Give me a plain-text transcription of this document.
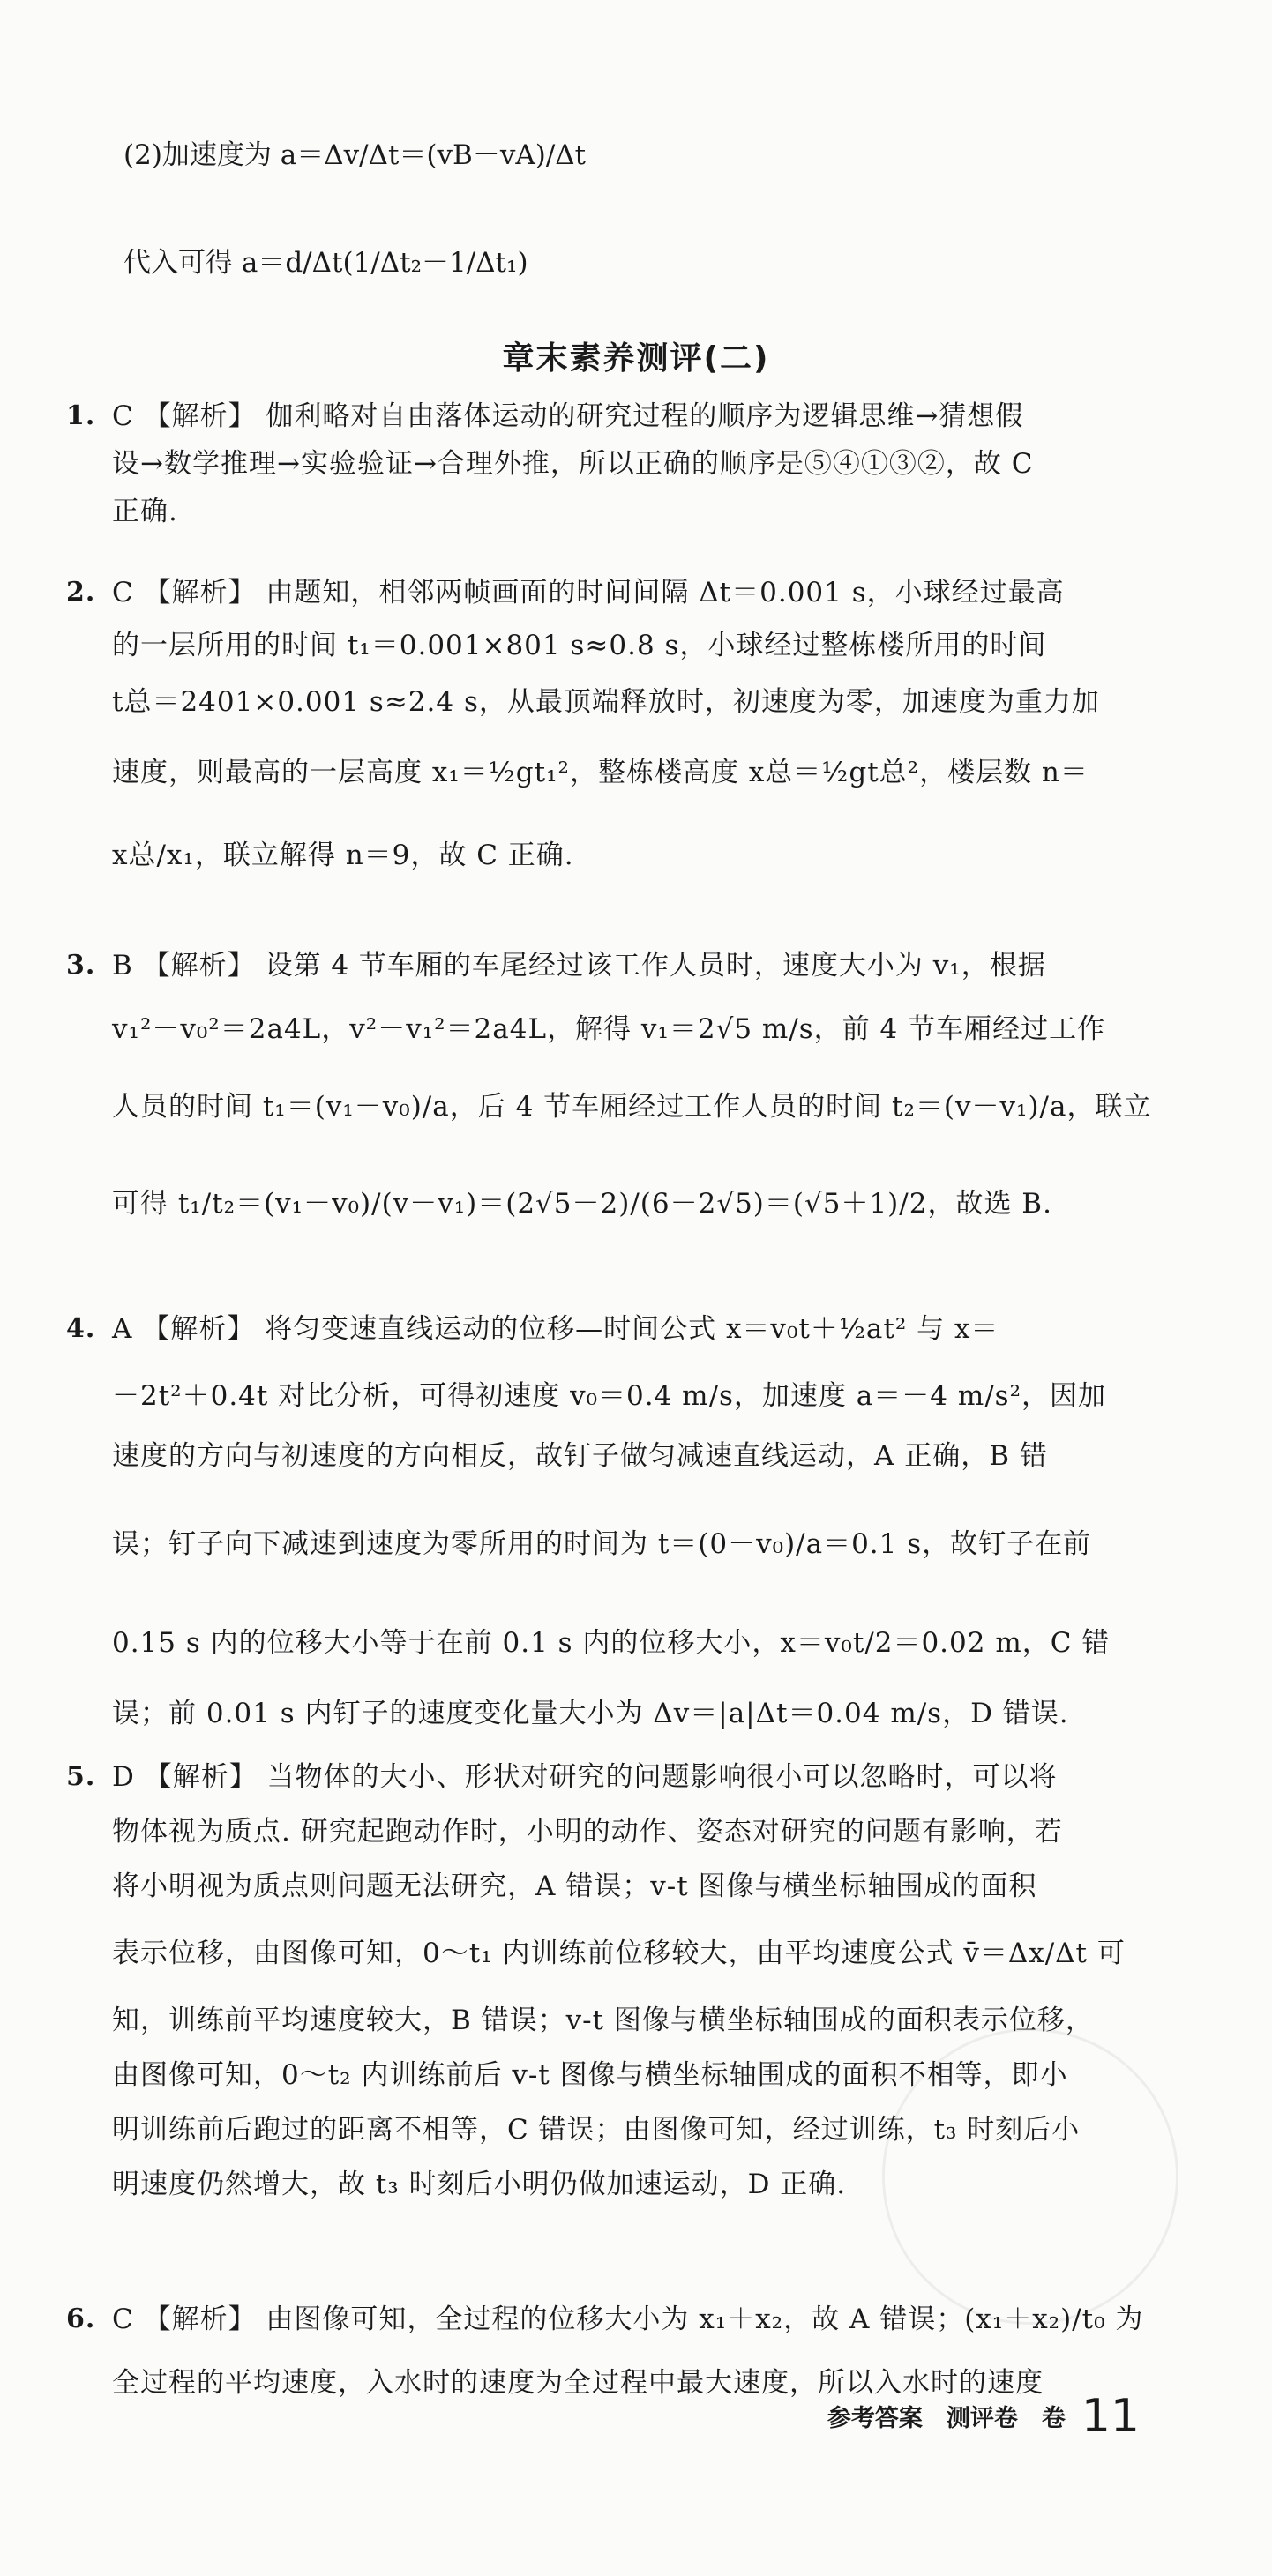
(2)加速度为 a＝Δv/Δt＝(vB－vA)/Δt
代入可得 a＝d/Δt(1/Δt₂－1/Δt₁)
章末素养测评(二)
1. C 【解析】 伽利略对自由落体运动的研究过程的顺序为逻辑思维→猜想假
设→数学推理→实验验证→合理外推，所以正确的顺序是⑤④①③②，故 C
正确.
2. C 【解析】 由题知，相邻两帧画面的时间间隔 Δt＝0.001 s，小球经过最高
的一层所用的时间 t₁＝0.001×801 s≈0.8 s，小球经过整栋楼所用的时间
t总＝2401×0.001 s≈2.4 s，从最顶端释放时，初速度为零，加速度为重力加
速度，则最高的一层高度 x₁＝½gt₁²，整栋楼高度 x总＝½gt总²，楼层数 n＝
x总/x₁，联立解得 n＝9，故 C 正确.
3. B 【解析】 设第 4 节车厢的车尾经过该工作人员时，速度大小为 v₁，根据
v₁²－v₀²＝2a4L，v²－v₁²＝2a4L，解得 v₁＝2√5 m/s，前 4 节车厢经过工作
人员的时间 t₁＝(v₁－v₀)/a，后 4 节车厢经过工作人员的时间 t₂＝(v－v₁)/a，联立
可得 t₁/t₂＝(v₁－v₀)/(v－v₁)＝(2√5－2)/(6－2√5)＝(√5＋1)/2，故选 B.
4. A 【解析】 将匀变速直线运动的位移—时间公式 x＝v₀t＋½at² 与 x＝
－2t²＋0.4t 对比分析，可得初速度 v₀＝0.4 m/s，加速度 a＝－4 m/s²，因加
速度的方向与初速度的方向相反，故钉子做匀减速直线运动，A 正确，B 错
误；钉子向下减速到速度为零所用的时间为 t＝(0－v₀)/a＝0.1 s，故钉子在前
0.15 s 内的位移大小等于在前 0.1 s 内的位移大小，x＝v₀t/2＝0.02 m，C 错
误；前 0.01 s 内钉子的速度变化量大小为 Δv＝|a|Δt＝0.04 m/s，D 错误.
5. D 【解析】 当物体的大小、形状对研究的问题影响很小可以忽略时，可以将
物体视为质点. 研究起跑动作时，小明的动作、姿态对研究的问题有影响，若
将小明视为质点则问题无法研究，A 错误；v-t 图像与横坐标轴围成的面积
表示位移，由图像可知，0～t₁ 内训练前位移较大，由平均速度公式 v̄＝Δx/Δt 可
知，训练前平均速度较大，B 错误；v-t 图像与横坐标轴围成的面积表示位移，
由图像可知，0～t₂ 内训练前后 v-t 图像与横坐标轴围成的面积不相等，即小
明训练前后跑过的距离不相等，C 错误；由图像可知，经过训练，t₃ 时刻后小
明速度仍然增大，故 t₃ 时刻后小明仍做加速运动，D 正确.
6. C 【解析】 由图像可知，全过程的位移大小为 x₁＋x₂，故 A 错误；(x₁＋x₂)/t₀ 为
全过程的平均速度，入水时的速度为全过程中最大速度，所以入水时的速度
参考答案　测评卷　卷 11
